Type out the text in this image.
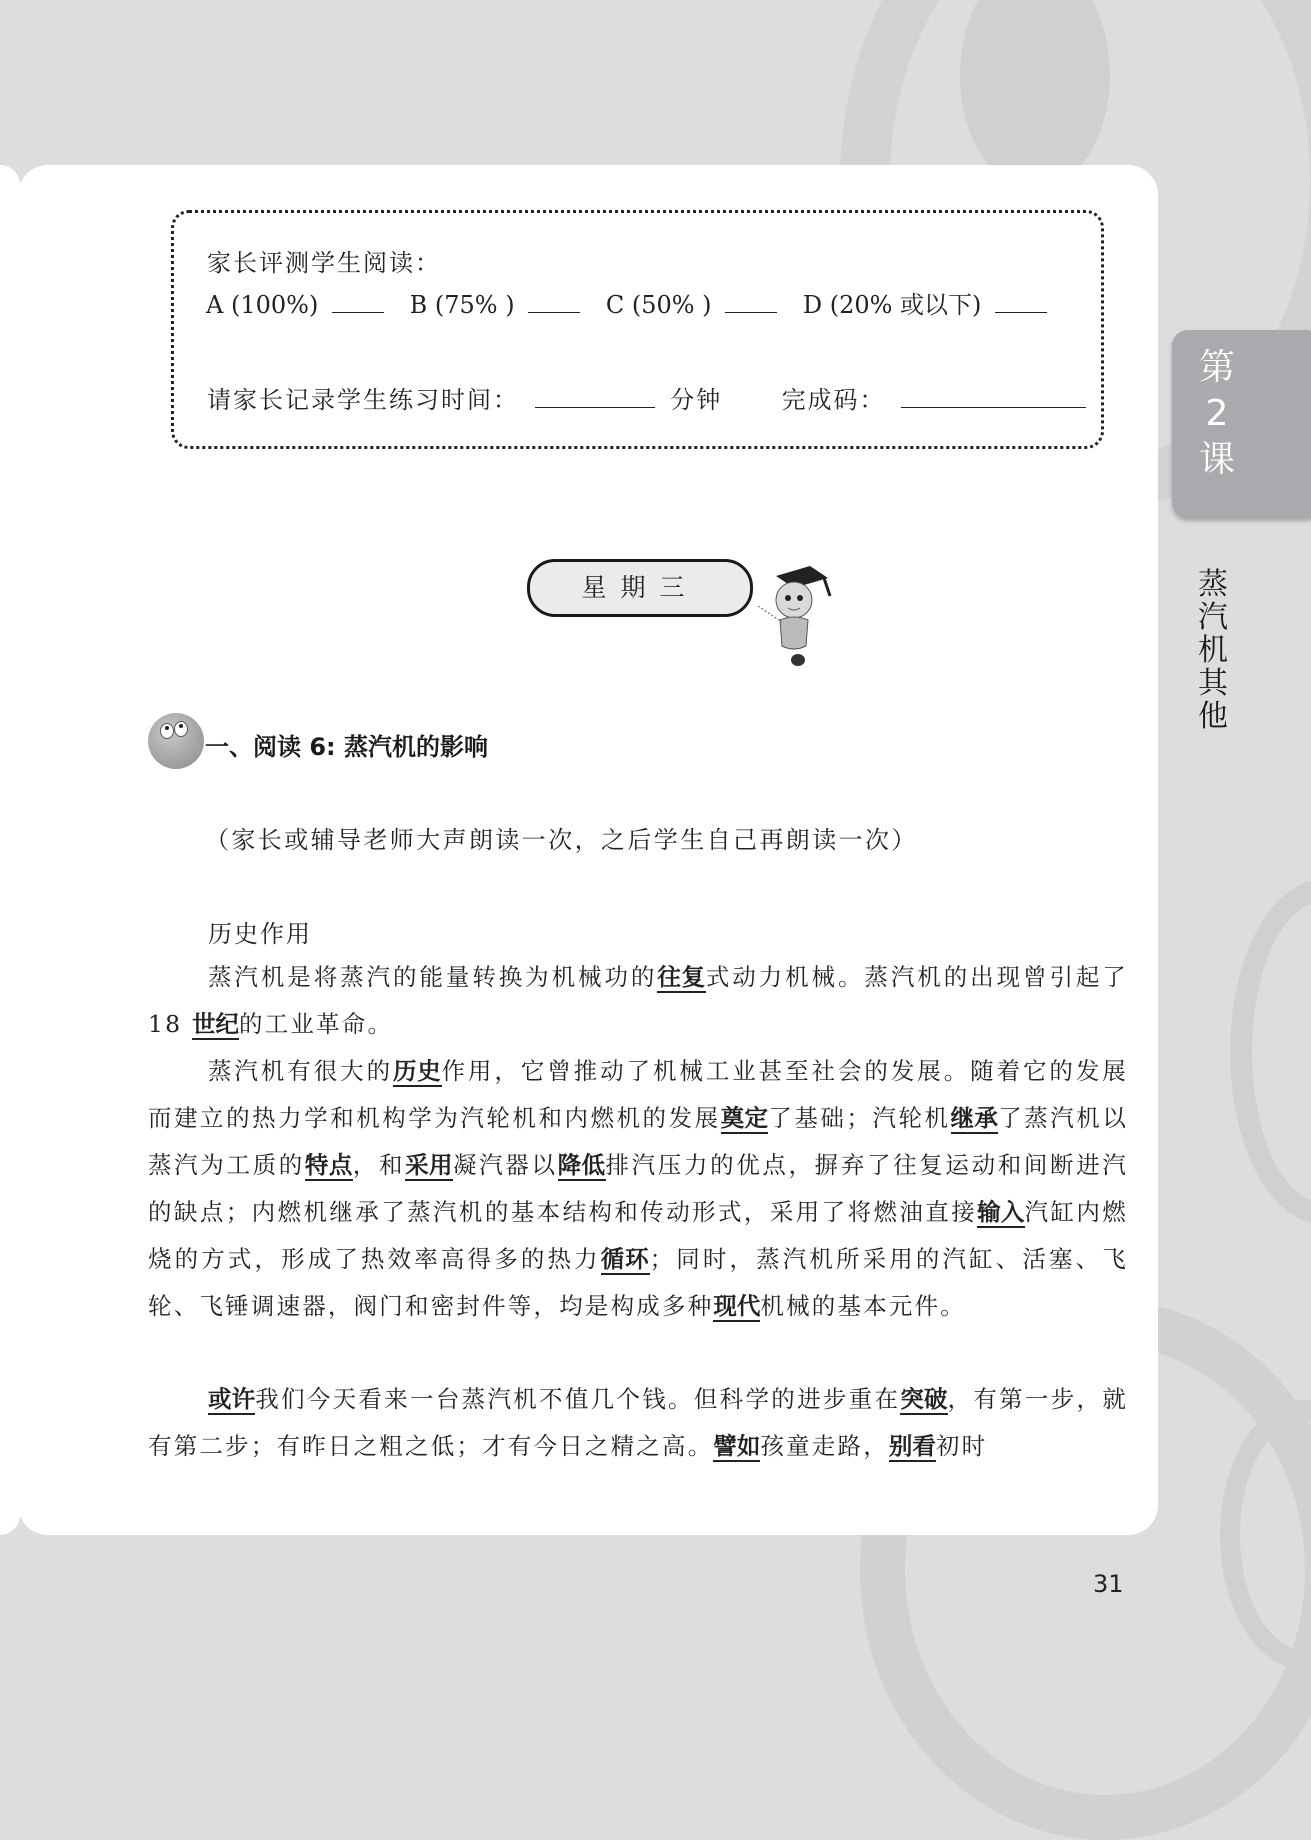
家长评测学生阅读：
A (100%)	B (75% )	C (50% )	D (20% 或以下)
请家长记录学生练习时间：	分钟 完成码：
星期三
一、阅读 6: 蒸汽机的影响
（家长或辅导老师大声朗读一次，之后学生自己再朗读一次）
历史作用
蒸汽机是将蒸汽的能量转换为机械功的往复式动力机械。蒸汽机的出现曾引起了 18 世纪的工业革命。
蒸汽机有很大的历史作用，它曾推动了机械工业甚至社会的发展。随着它的发展而建立的热力学和机构学为汽轮机和内燃机的发展奠定了基础；汽轮机继承了蒸汽机以蒸汽为工质的特点，和采用凝汽器以降低排汽压力的优点，摒弃了往复运动和间断进汽的缺点；内燃机继承了蒸汽机的基本结构和传动形式，采用了将燃油直接输入汽缸内燃烧的方式，形成了热效率高得多的热力循环；同时，蒸汽机所采用的汽缸、活塞、飞轮、飞锤调速器，阀门和密封件等，均是构成多种现代机械的基本元件。
或许我们今天看来一台蒸汽机不值几个钱。但科学的进步重在突破，有第一步，就有第二步；有昨日之粗之低；才有今日之精之高。譬如孩童走路，别看初时
第
2
课
蒸
汽
机
其
他
31
